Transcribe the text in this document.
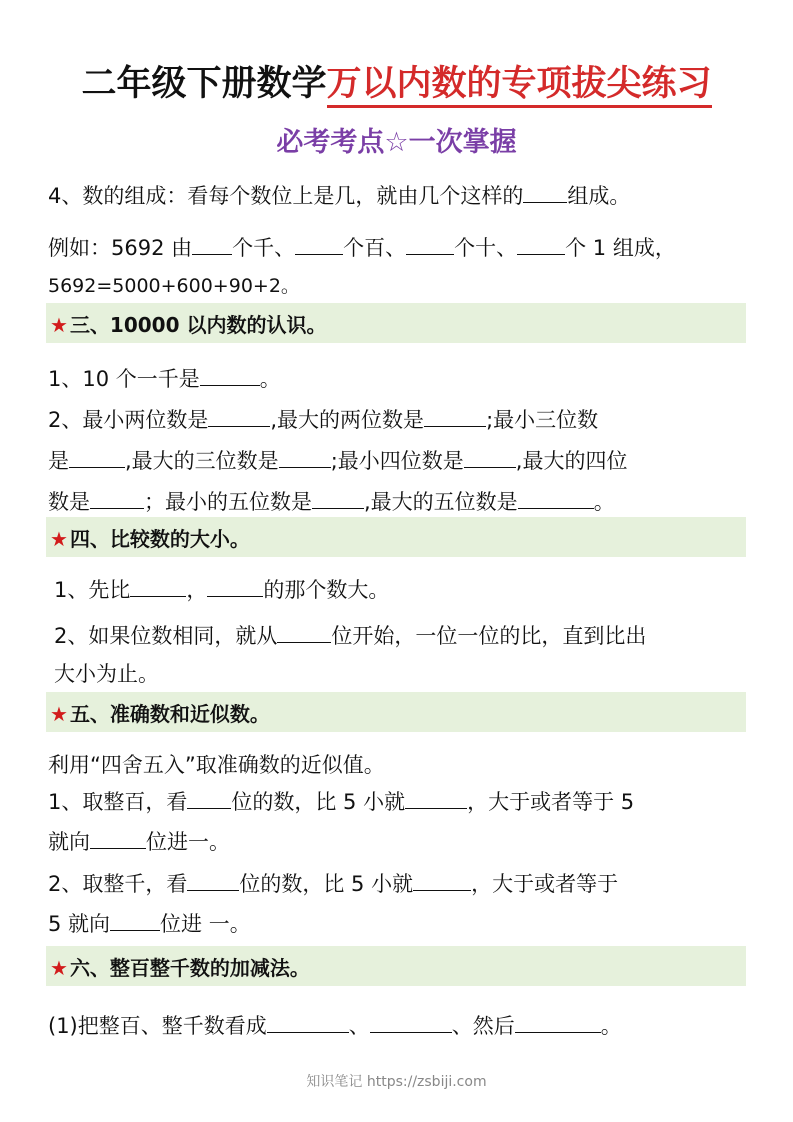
二年级下册数学万以内数的专项拔尖练习
必考考点☆一次掌握
4、数的组成：看每个数位上是几，就由几个这样的 组成。
例如：5692 由 个千、 个百、 个十、 个 1 组成，
5692=5000+600+90+2。
★ 三、10000 以内数的认识。
1、10 个一千是	。
2、最小两位数是	,最大的两位数是	;最小三位数
是	,最大的三位数是 ;最小四位数是 ,最大的四位
数是	；最小的五位数是 ,最大的五位数是	。
★ 四、比较数的大小。
1、先比	，	的那个数大。
2、如果位数相同，就从	位开始，一位一位的比，直到比出
大小为止。
★ 五、准确数和近似数。
利用“四舍五入”取准确数的近似值。
1、取整百，看 位的数，比 5 小就	，大于或者等于 5
就向	位进一。
2、取整千，看 位的数，比 5 小就	，大于或者等于
5 就向 位进 一。
★ 六、整百整千数的加减法。
(1)把整百、整千数看成	、	、然后	。
知识笔记 https://zsbiji.com
